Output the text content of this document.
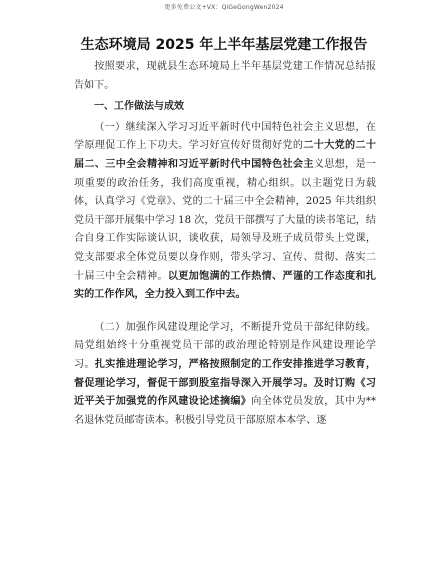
更多免费公文+VX：QiGeGongWen2024
生态环境局 2025 年上半年基层党建工作报告

按照要求，现就县生态环境局上半年基层党建工作情况总结报告如下。

一、工作做法与成效

（一）继续深入学习习近平新时代中国特色社会主义思想，在学原理促工作上下功夫。学习好宣传好贯彻好党的二十大党的二十届二、三中全会精神和习近平新时代中国特色社会主义思想，是一项重要的政治任务，我们高度重视，精心组织。以主题党日为载体，认真学习《党章》、党的二十届三中全会精神，2025 年共组织党员干部开展集中学习 18 次，党员干部撰写了大量的读书笔记，结合自身工作实际谈认识，谈收获，局领导及班子成员带头上党课，党支部要求全体党员要以身作则，带头学习、宣传、贯彻、落实二十届三中全会精神。以更加饱满的工作热情、严谨的工作态度和扎实的工作作风，全力投入到工作中去。

（二）加强作风建设理论学习，不断提升党员干部纪律防线。局党组始终十分重视党员干部的政治理论特别是作风建设理论学习。扎实推进理论学习，严格按照制定的工作安排推进学习教育，督促理论学习，督促干部到股室指导深入开展学习。及时订购《习近平关于加强党的作风建设论述摘编》向全体党员发放，其中为**名退休党员邮寄读本。积极引导党员干部原原本本学、逐
